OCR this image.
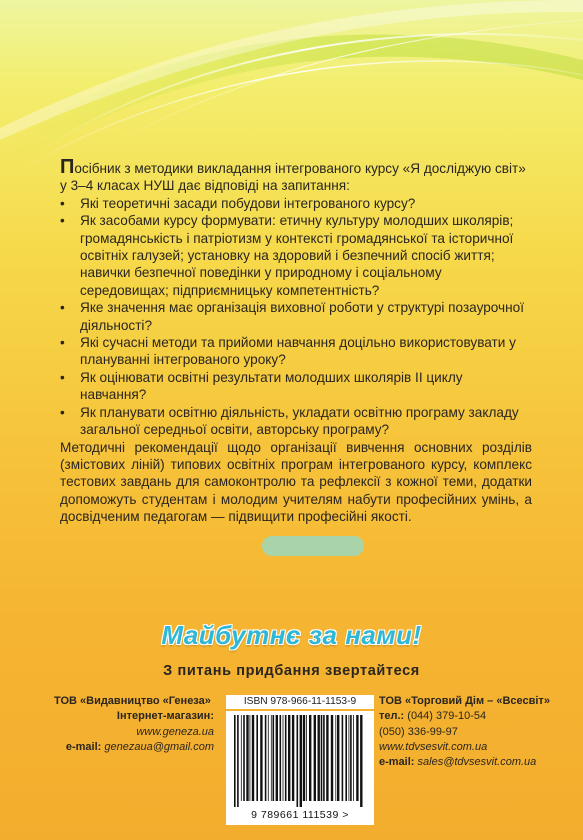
Посібник з методики викладання інтегрованого курсу «Я досліджую світ» у 3–4 класах НУШ дає відповіді на запитання:

• Які теоретичні засади побудови інтегрованого курсу?
• Як засобами курсу формувати: етичну культуру молодших школярів; громадянськість і патріотизм у контексті громадянської та історичної освітніх галузей; установку на здоровий і безпечний спосіб життя; навички безпечної поведінки у природному і соціальному середовищах; підприємницьку компетентність?
• Яке значення має організація виховної роботи у структурі позаурочної діяльності?
• Які сучасні методи та прийоми навчання доцільно використовувати у плануванні інтегрованого уроку?
• Як оцінювати освітні результати молодших школярів ІІ циклу навчання?
• Як планувати освітню діяльність, укладати освітню програму закладу загальної середньої освіти, авторську програму?

Методичні рекомендації щодо організації вивчення основних розділів (змістових ліній) типових освітніх програм інтегрованого курсу, комплекс тестових завдань для самоконтролю та рефлексії з кожної теми, додатки допоможуть студентам і молодим учителям набути професійних умінь, а досвідченим педагогам — підвищити професійні якості.

Майбутнє за нами!
З питань придбання звертайтеся
ТОВ «Видавництво «Генеза»
Інтернет-магазин:
www.geneza.ua
e-mail: genezaua@gmail.com
ISBN 978-966-11-1153-9
9 789661 111539 >
ТОВ «Торговий Дім – «Всесвіт»
тел.: (044) 379-10-54
(050) 336-99-97
www.tdvsesvit.com.ua
e-mail: sales@tdvsesvit.com.ua
